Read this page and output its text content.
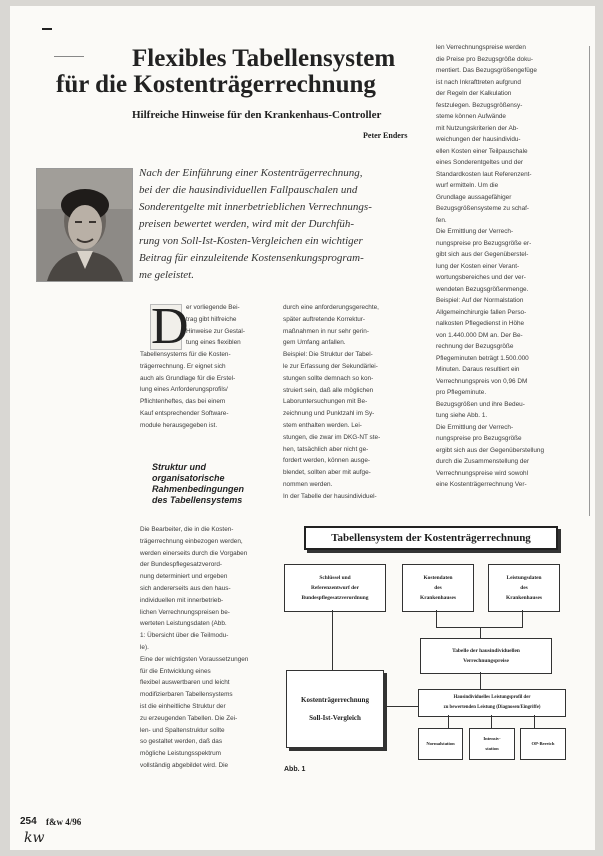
Flexibles Tabellensystem
für die Kostenträgerrechnung
Hilfreiche Hinweise für den Krankenhaus-Controller
Peter Enders
Nach der Einführung einer Kostenträgerrechnung,
bei der die hausindividuellen Fallpauschalen und
Sonderentgelte mit innerbetrieblichen Verrechnungs-
preisen bewertet werden, wird mit der Durchfüh-
rung von Soll-Ist-Kosten-Vergleichen ein wichtiger
Beitrag für einzuleitende Kostensenkungsprogram-
me geleistet.
D
er vorliegende Bei-
trag gibt hilfreiche
Hinweise zur Gestal-
tung eines flexiblen
Tabellensystems für die Kosten-
trägerrechnung. Er eignet sich
auch als Grundlage für die Erstel-
lung eines Anforderungsprofils/
Pflichtenheftes, das bei einem
Kauf entsprechender Software-
module herausgegeben ist.
Struktur und
organisatorische
Rahmenbedingungen
des Tabellensystems
Die Bearbeiter, die in die Kosten-
trägerrechnung einbezogen werden,
werden einerseits durch die Vorgaben
der Bundespflegesatzverord-
nung determiniert und ergeben
sich andererseits aus den haus-
individuellen mit innerbetrieb-
lichen Verrechnungspreisen be-
werteten Leistungsdaten (Abb.
1: Übersicht über die Teilmodu-
le).
Eine der wichtigsten Voraussetzungen
für die Entwicklung eines
flexibel auswertbaren und leicht
modifizierbaren Tabellensystems
ist die einheitliche Struktur der
zu erzeugenden Tabellen. Die Zei-
len- und Spaltenstruktur sollte
so gestaltet werden, daß das
mögliche Leistungsspektrum
vollständig abgebildet wird. Die
durch eine anforderungsgerechte,
später auftretende Korrektur-
maßnahmen in nur sehr gerin-
gem Umfang anfallen.
Beispiel: Die Struktur der Tabel-
le zur Erfassung der Sekundärlei-
stungen sollte demnach so kon-
struiert sein, daß alle möglichen
Laboruntersuchungen mit Be-
zeichnung und Punktzahl im Sy-
stem enthalten werden. Lei-
stungen, die zwar im DKG-NT ste-
hen, tatsächlich aber nicht ge-
fordert werden, können ausge-
blendet, sollten aber mit aufge-
nommen werden.
In der Tabelle der hausindividuel-
len Verrechnungspreise werden
die Preise pro Bezugsgröße doku-
mentiert. Das Bezugsgrößengefüge
ist nach Inkrafttreten aufgrund
der Regeln der Kalkulation
festzulegen. Bezugsgrößensy-
steme können Aufwände
mit Nutzungskriterien der Ab-
weichungen der hausindividu-
ellen Kosten einer Teilpauschale
eines Sonderentgeltes und der
Standardkosten laut Referenzent-
wurf ermitteln. Um die
Grundlage aussagefähiger
Bezugsgrößensysteme zu schaf-
fen.
Die Ermittlung der Verrech-
nungspreise pro Bezugsgröße er-
gibt sich aus der Gegenüberstel-
lung der Kosten einer Verant-
wortungsbereiches und der ver-
wendeten Bezugsgrößenmenge.
Beispiel: Auf der Normalstation
Allgemeinchirurgie fallen Perso-
nalkosten Pflegedienst in Höhe
von 1.440.000 DM an. Der Be-
rechnung der Bezugsgröße
Pflegeminuten beträgt 1.500.000
Minuten. Daraus resultiert ein
Verrechnungspreis von 0,96 DM
pro Pflegeminute.
Bezugsgrößen und ihre Bedeu-
tung siehe Abb. 1.
Die Ermittlung der Verrech-
nungspreise pro Bezugsgröße
ergibt sich aus der Gegenüberstellung
durch die Zusammenstellung der
Verrechnungspreise wird sowohl
eine Kostenträgerrechnung Ver-
Tabellensystem der Kostenträgerrechnung
Schlüssel und
Referenzentwurf der
Bundespflegesatzverordnung
Kostendaten
des
Krankenhauses
Leistungsdaten
des
Krankenhauses
Tabelle der hausindividuellen
Verrechnungspreise
Kostenträgerrechnung
Soll-Ist-Vergleich
Hausindividuelles Leistungsprofil der
zu bewertenden Leistung (Diagnosen/Eingriffe)
Normalstation
Intensiv-
station
OP-Bereich
Abb. 1
254 f&w 4/96
kw
